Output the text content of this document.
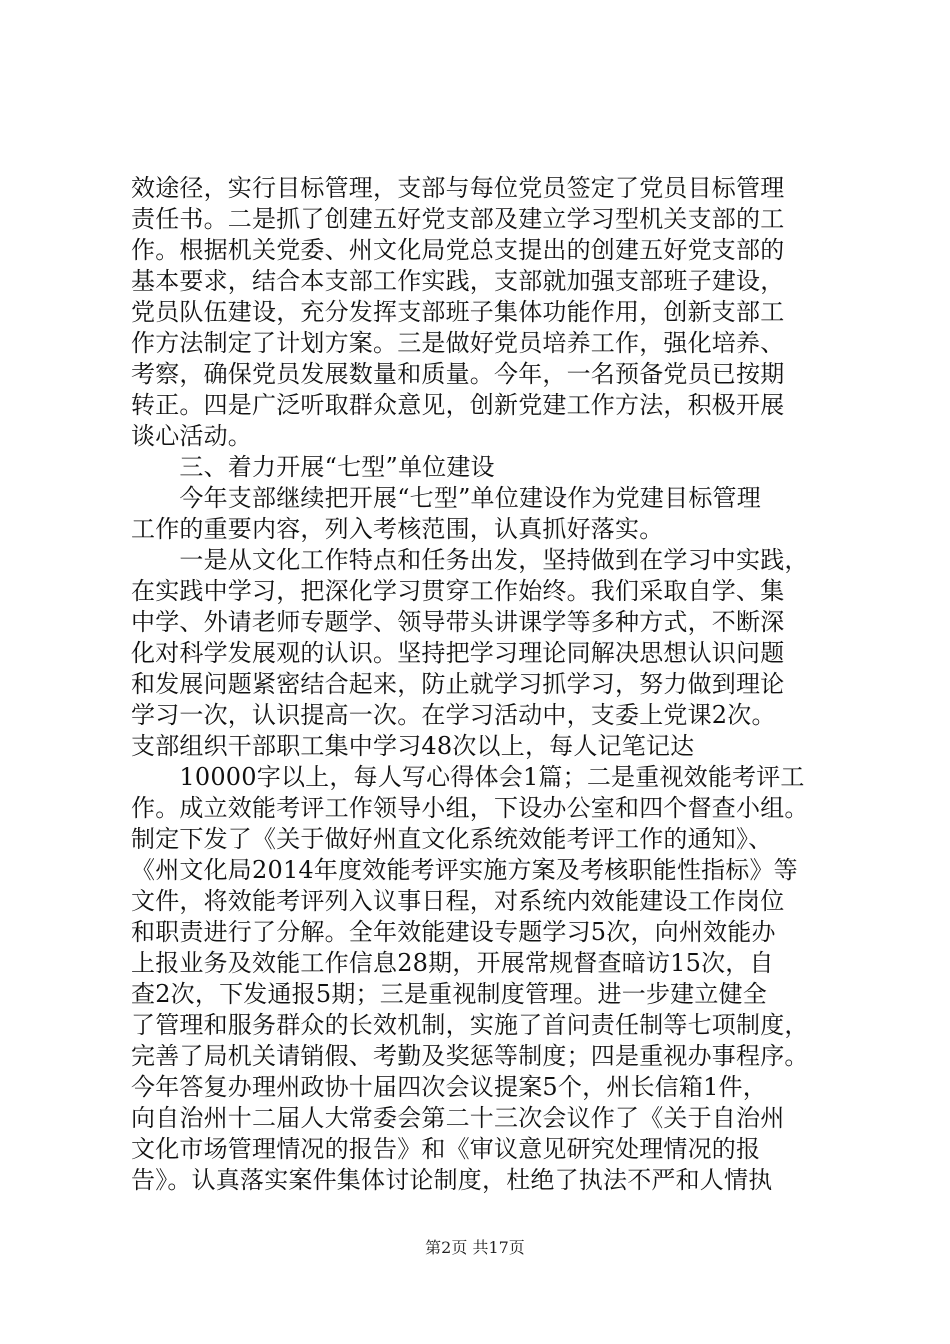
效途径，实行目标管理，支部与每位党员签定了党员目标管理
责任书。二是抓了创建五好党支部及建立学习型机关支部的工
作。根据机关党委、州文化局党总支提出的创建五好党支部的
基本要求，结合本支部工作实践，支部就加强支部班子建设，
党员队伍建设，充分发挥支部班子集体功能作用，创新支部工
作方法制定了计划方案。三是做好党员培养工作，强化培养、
考察，确保党员发展数量和质量。今年，一名预备党员已按期
转正。四是广泛听取群众意见，创新党建工作方法，积极开展
谈心活动。
　　三、着力开展“七型”单位建设
　　今年支部继续把开展“七型”单位建设作为党建目标管理
工作的重要内容，列入考核范围，认真抓好落实。
　　一是从文化工作特点和任务出发，坚持做到在学习中实践，
在实践中学习，把深化学习贯穿工作始终。我们采取自学、集
中学、外请老师专题学、领导带头讲课学等多种方式，不断深
化对科学发展观的认识。坚持把学习理论同解决思想认识问题
和发展问题紧密结合起来，防止就学习抓学习，努力做到理论
学习一次，认识提高一次。在学习活动中，支委上党课2次。
支部组织干部职工集中学习48次以上，每人记笔记达
　　10000字以上，每人写心得体会1篇；二是重视效能考评工
作。成立效能考评工作领导小组，下设办公室和四个督查小组。
制定下发了《关于做好州直文化系统效能考评工作的通知》、
《州文化局2014年度效能考评实施方案及考核职能性指标》等
文件，将效能考评列入议事日程，对系统内效能建设工作岗位
和职责进行了分解。全年效能建设专题学习5次，向州效能办
上报业务及效能工作信息28期，开展常规督查暗访15次，自
查2次，下发通报5期；三是重视制度管理。进一步建立健全
了管理和服务群众的长效机制，实施了首问责任制等七项制度，
完善了局机关请销假、考勤及奖惩等制度；四是重视办事程序。
今年答复办理州政协十届四次会议提案5个，州长信箱1件，
向自治州十二届人大常委会第二十三次会议作了《关于自治州
文化市场管理情况的报告》和《审议意见研究处理情况的报
告》。认真落实案件集体讨论制度，杜绝了执法不严和人情执
第2页 共17页
